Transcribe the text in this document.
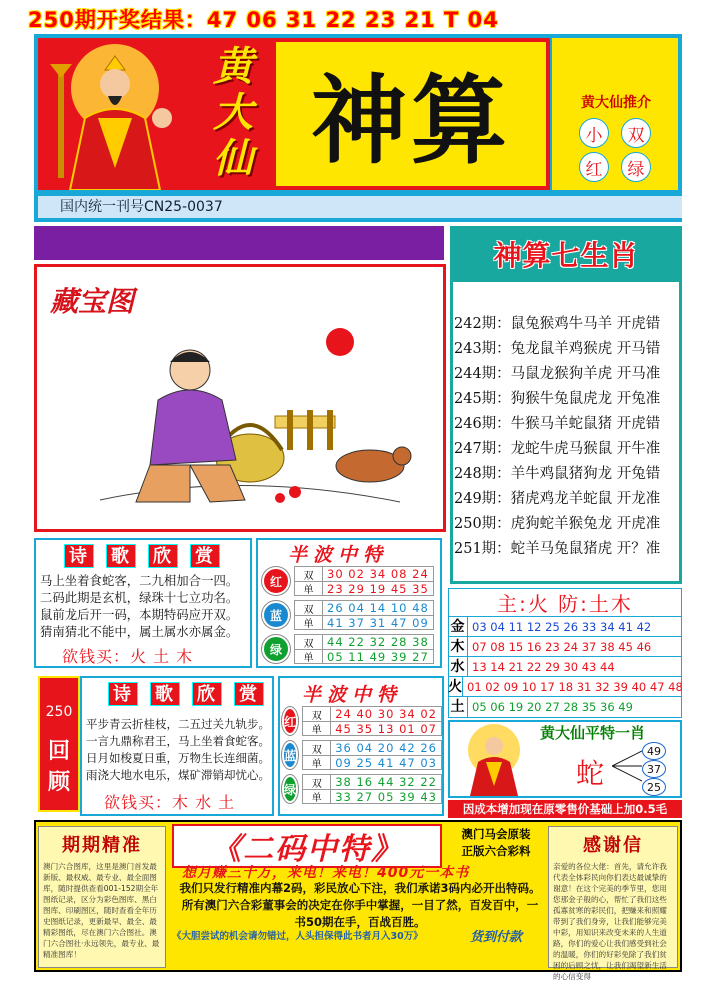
250期开奖结果：47 06 31 22 23 21 T 04
黄
大
仙 神算	黄大仙推介
小	双
红	绿
国内统一刊号CN25-0037
藏宝图
神算七生肖
242期：鼠兔猴鸡牛马羊 开虎错
243期：兔龙鼠羊鸡猴虎 开马错
244期：马鼠龙猴狗羊虎 开马准
245期：狗猴牛兔鼠虎龙 开兔准
246期：牛猴马羊蛇鼠猪 开虎错
247期：龙蛇牛虎马猴鼠 开牛准
248期：羊牛鸡鼠猪狗龙 开兔错
249期：猪虎鸡龙羊蛇鼠 开龙准
250期：虎狗蛇羊猴兔龙 开虎准
251期：蛇羊马兔鼠猪虎 开？准
诗 歌 欣 赏
马上坐着食蛇客，二九相加合一四。
二码此期是玄机，绿珠十七立功名。
鼠前龙后开一码，本期特码应开双。
猜南猜北不能中，属土属水亦属金。
欲钱买：火 土 木
半波中特
红	双	30 02 34 08 24
单	23 29 19 45 35
蓝	双	26 04 14 10 48
单	41 37 31 47 09
绿	双	44 22 32 28 38
单	05 11 49 39 27
250
回
顾
诗 歌 欣 赏
平步青云折桂枝，二五过关九轨步。
一言九鼎称君王，马上坐着食蛇客。
日月如梭夏日重，万物生长连细菌。
雨浇大地水电乐，煤矿滞销却忧心。
欲钱买：木 水 土
半波中特
红	双	24 40 30 34 02
单	45 35 13 01 07
蓝	双	36 04 20 42 26
单	09 25 41 47 03
绿	双	38 16 44 32 22
单	33 27 05 39 43
主:火 防:土木
金 03 04 11 12 25 26 33 34 41 42
木 07 08 15 16 23 24 37 38 45 46
水 13 14 21 22 29 30 43 44
火 01 02 09 10 17 18 31 32 39 40 47 48
土 05 06 19 20 27 28 35 36 49
黄大仙平特一肖
蛇
49
37
25
因成本增加现在原零售价基础上加0.5毛
期期精准
澳门六合图库，这里是澳门首发最新版、最权威、最专业、最全面图库，随时提供查看001-152期全年图纸记录，区分为彩色图库、黑白图库、印刷图区，随时查看全年历史图纸记录，更新最早、最全、最精彩图纸，尽在澳门六合图社。澳门六合图社·永远领先，最专业、最精准图库！
《二码中特》	澳门马会原装
正版六合彩料
想月赚三十万，来电！来电！400元一本书
我们只发行精准内幕2码，彩民放心下注，我们承诺3码内必开出特码。所有澳门六合彩董事会的决定在你手中掌握，一目了然，百发百中，一书50期在手，百战百胜。
《大胆尝试的机会请勿错过，人头担保得此书者月入30万》	货到付款
感谢信
亲爱的各位大佬：首先，请允许我代表全体彩民向你们表达最诚挚的谢意！在这个完美的季节里，您用您那金子般的心，帮忙了我们这些孤寡贫寒的彩民们，把赚来和照耀带到了我们身旁，让我们能够完美中彩，用知识来改变未来的人生道路，你们的爱心让我们感受到社会的温暖，你们的好彩免除了我们贫困的后顾之忧，让我们渴望新生活的心信变得
